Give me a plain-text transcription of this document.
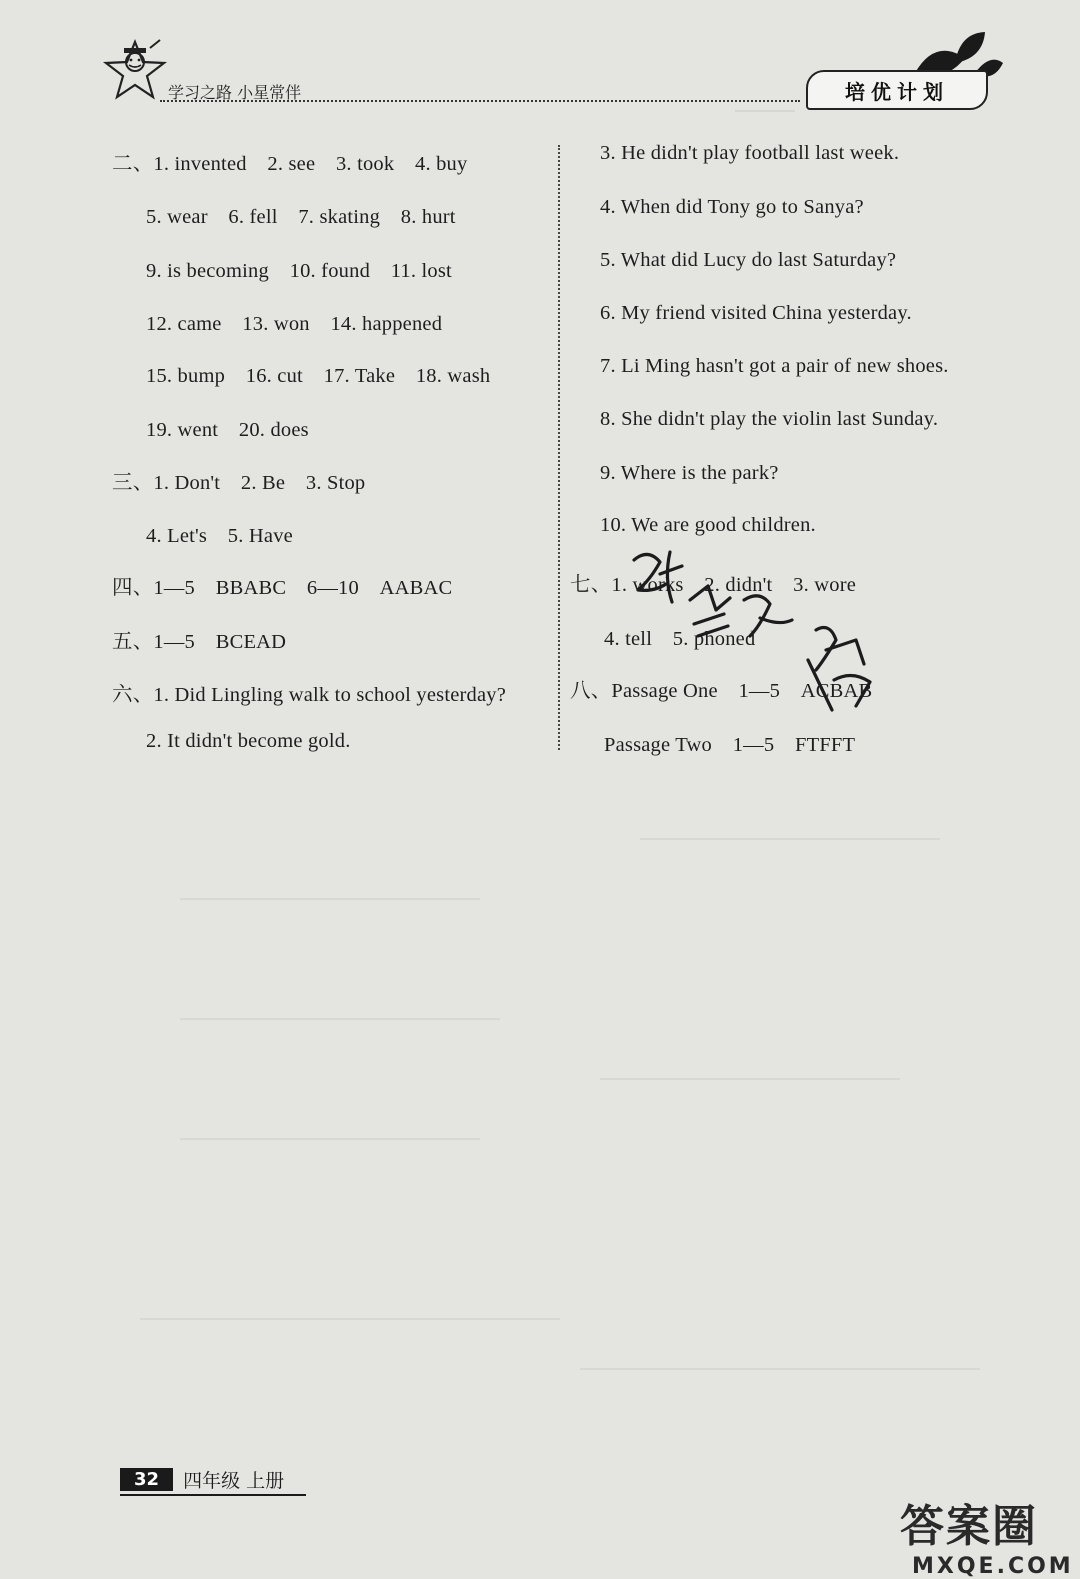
学习之路 小星常伴	培优计划
二、1. invented　2. see　3. took　4. buy
5. wear　6. fell　7. skating　8. hurt
9. is becoming　10. found　11. lost
12. came　13. won　14. happened
15. bump　16. cut　17. Take　18. wash
19. went　20. does
三、1. Don't　2. Be　3. Stop
4. Let's　5. Have
四、1—5　BBABC　6—10　AABAC
五、1—5　BCEAD
六、1. Did Lingling walk to school yesterday?
2. It didn't become gold.
3. He didn't play football last week.
4. When did Tony go to Sanya?
5. What did Lucy do last Saturday?
6. My friend visited China yesterday.
7. Li Ming hasn't got a pair of new shoes.
8. She didn't play the violin last Sunday.
9. Where is the park?
10. We are good children.
七、1. works　2. didn't　3. wore
4. tell　5. phoned
八、Passage One　1—5　ACBAB
Passage Two　1—5　FTFFT
32	四年级 上册
答案圈
MXQE.COM
